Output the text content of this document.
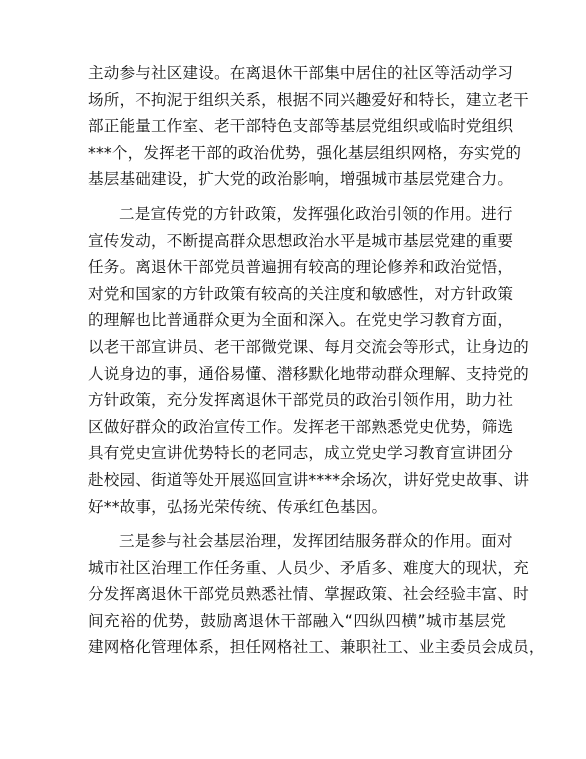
主动参与社区建设。在离退休干部集中居住的社区等活动学习
场所，不拘泥于组织关系，根据不同兴趣爱好和特长，建立老干
部正能量工作室、老干部特色支部等基层党组织或临时党组织
***个，发挥老干部的政治优势，强化基层组织网格，夯实党的
基层基础建设，扩大党的政治影响，增强城市基层党建合力。
二是宣传党的方针政策，发挥强化政治引领的作用。进行
宣传发动，不断提高群众思想政治水平是城市基层党建的重要
任务。离退休干部党员普遍拥有较高的理论修养和政治觉悟，
对党和国家的方针政策有较高的关注度和敏感性，对方针政策
的理解也比普通群众更为全面和深入。在党史学习教育方面，
以老干部宣讲员、老干部微党课、每月交流会等形式，让身边的
人说身边的事，通俗易懂、潜移默化地带动群众理解、支持党的
方针政策，充分发挥离退休干部党员的政治引领作用，助力社
区做好群众的政治宣传工作。发挥老干部熟悉党史优势，筛选
具有党史宣讲优势特长的老同志，成立党史学习教育宣讲团分
赴校园、街道等处开展巡回宣讲****余场次，讲好党史故事、讲
好**故事，弘扬光荣传统、传承红色基因。
三是参与社会基层治理，发挥团结服务群众的作用。面对
城市社区治理工作任务重、人员少、矛盾多、难度大的现状，充
分发挥离退休干部党员熟悉社情、掌握政策、社会经验丰富、时
间充裕的优势，鼓励离退休干部融入“四纵四横”城市基层党
建网格化管理体系，担任网格社工、兼职社工、业主委员会成员，
